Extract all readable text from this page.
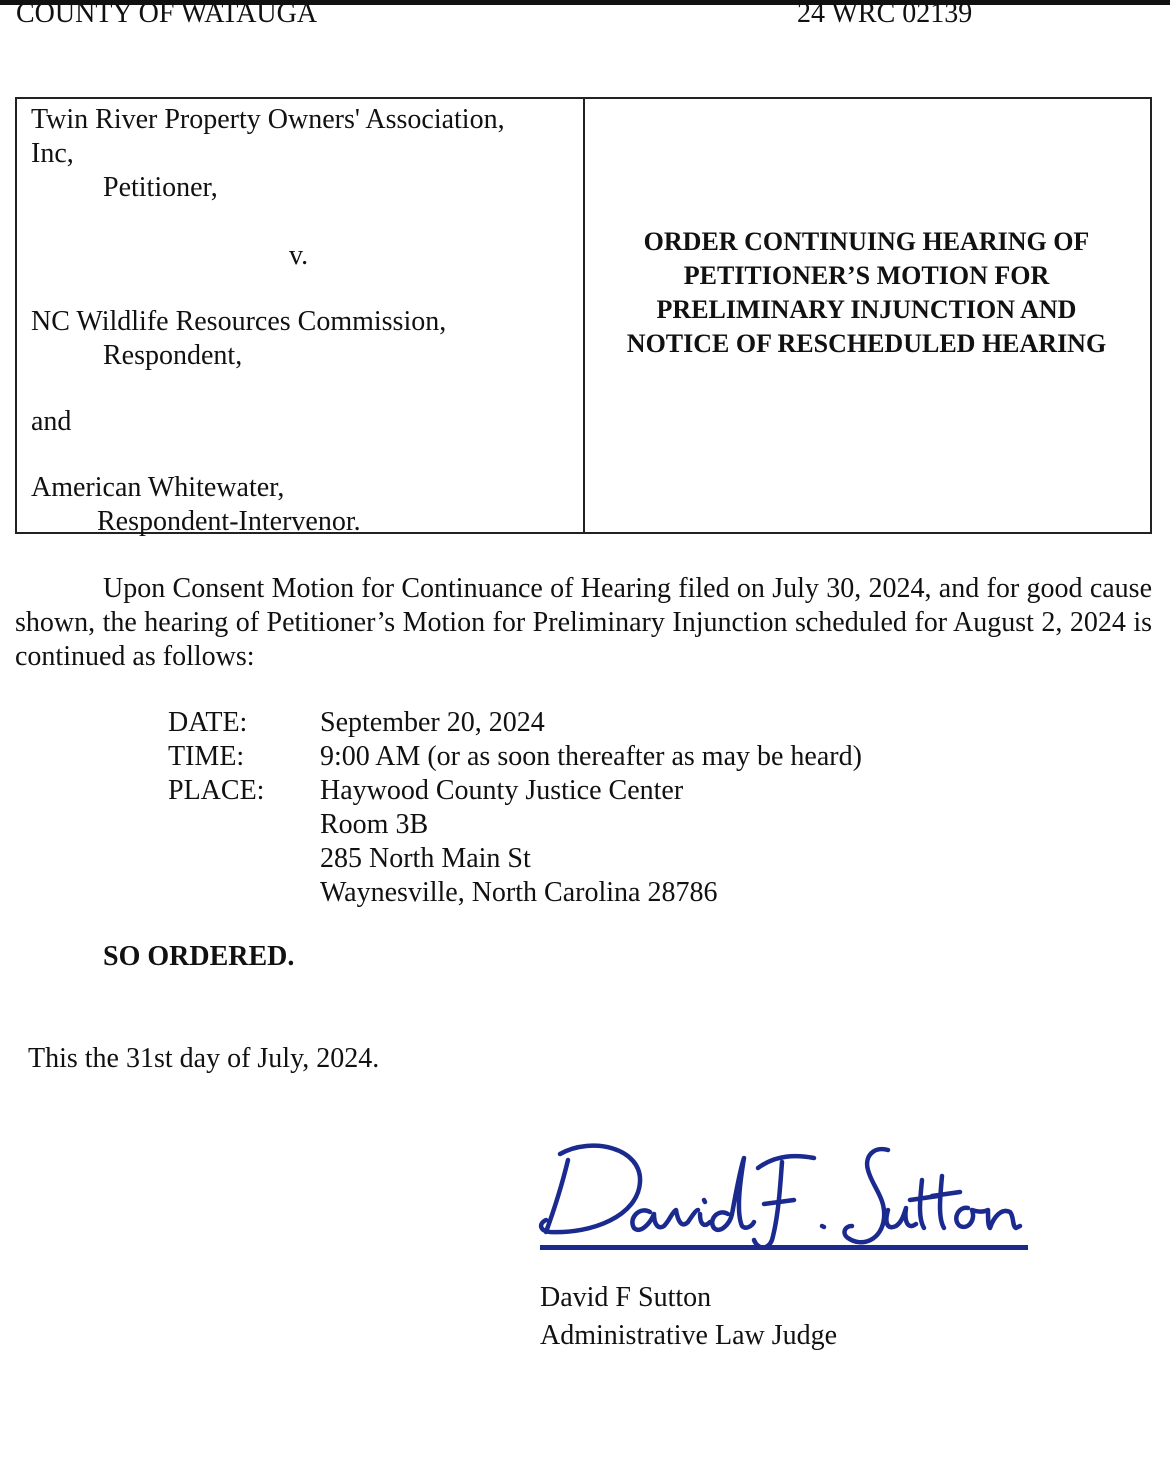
COUNTY OF WATAUGA	24 WRC 02139
Twin River Property Owners' Association,
Inc,
Petitioner,
v.
NC Wildlife Resources Commission,
Respondent,
and
American Whitewater,
Respondent-Intervenor.
ORDER CONTINUING HEARING OF
PETITIONER’S MOTION FOR
PRELIMINARY INJUNCTION AND
NOTICE OF RESCHEDULED HEARING
Upon Consent Motion for Continuance of Hearing filed on July 30, 2024, and for good cause shown, the hearing of Petitioner’s Motion for Preliminary Injunction scheduled for August 2, 2024 is continued as follows:
DATE:	September 20, 2024
TIME:	9:00 AM (or as soon thereafter as may be heard)
PLACE: Haywood County Justice Center
Room 3B
285 North Main St
Waynesville, North Carolina 28786
SO ORDERED.
This the 31st day of July, 2024.
David F Sutton
Administrative Law Judge
